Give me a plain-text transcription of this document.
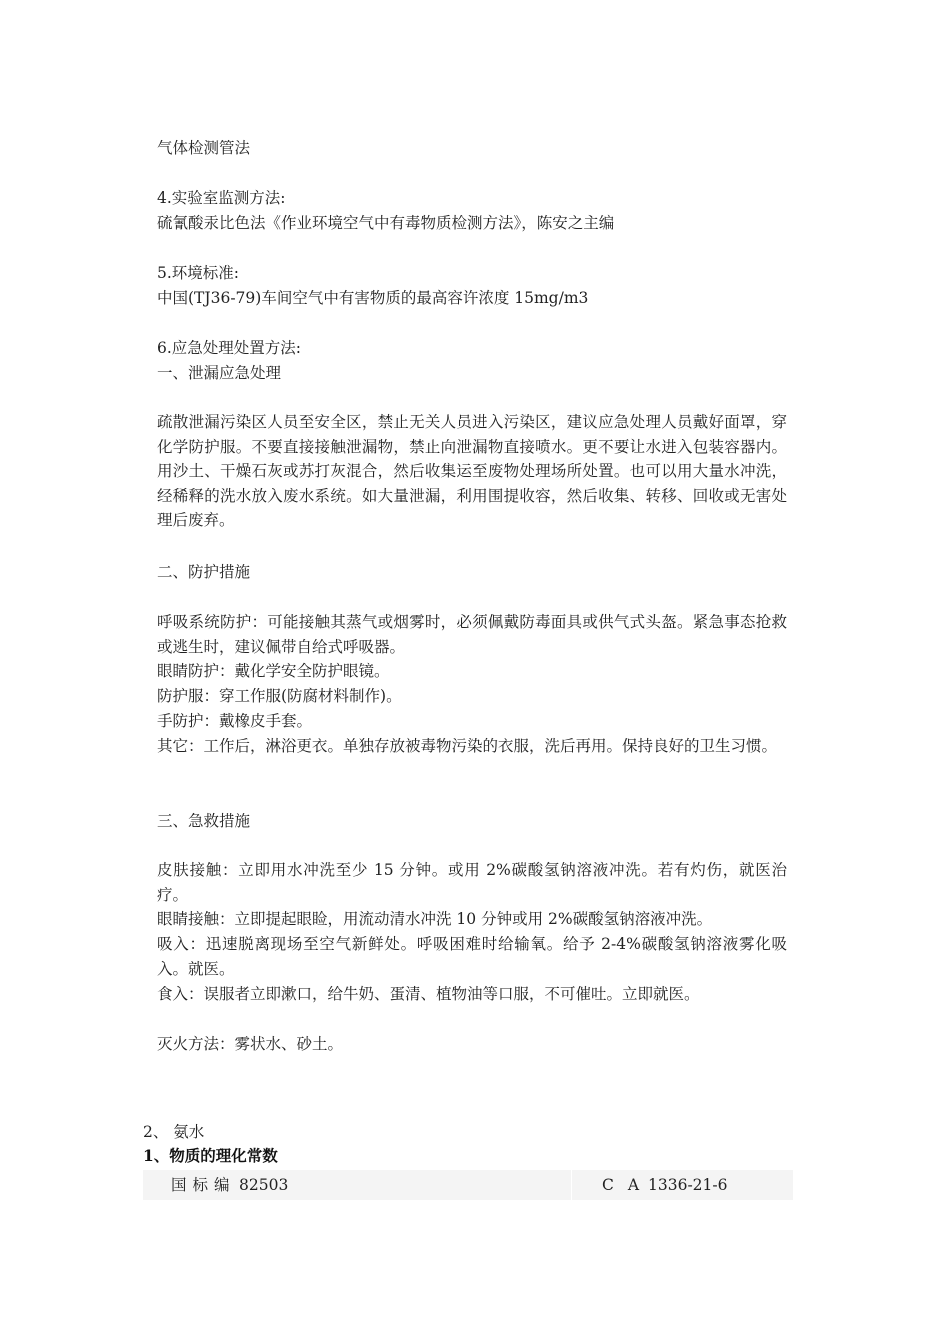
气体检测管法
4.实验室监测方法:
硫氰酸汞比色法《作业环境空气中有毒物质检测方法》，陈安之主编
5.环境标准:
中国(TJ36-79)车间空气中有害物质的最高容许浓度 15mg/m3
6.应急处理处置方法:
一、泄漏应急处理
疏散泄漏污染区人员至安全区，禁止无关人员进入污染区，建议应急处理人员戴好面罩，穿化学防护服。不要直接接触泄漏物，禁止向泄漏物直接喷水。更不要让水进入包装容器内。用沙土、干燥石灰或苏打灰混合，然后收集运至废物处理场所处置。也可以用大量水冲洗，经稀释的洗水放入废水系统。如大量泄漏，利用围提收容，然后收集、转移、回收或无害处理后废弃。
二、防护措施
呼吸系统防护：可能接触其蒸气或烟雾时，必须佩戴防毒面具或供气式头盔。紧急事态抢救或逃生时，建议佩带自给式呼吸器。
眼睛防护：戴化学安全防护眼镜。
防护服：穿工作服(防腐材料制作)。
手防护：戴橡皮手套。
其它：工作后，淋浴更衣。单独存放被毒物污染的衣服，洗后再用。保持良好的卫生习惯。
三、急救措施
皮肤接触：立即用水冲洗至少 15 分钟。或用 2%碳酸氢钠溶液冲洗。若有灼伤，就医治疗。
眼睛接触：立即提起眼睑，用流动清水冲洗 10 分钟或用 2%碳酸氢钠溶液冲洗。
吸入：迅速脱离现场至空气新鲜处。呼吸困难时给输氧。给予 2-4%碳酸氢钠溶液雾化吸入。就医。
食入：误服者立即漱口，给牛奶、蛋清、植物油等口服，不可催吐。立即就医。
灭火方法：雾状水、砂土。
2、 氨水
1、物质的理化常数
国标编 82503	CA
1336-21-6
